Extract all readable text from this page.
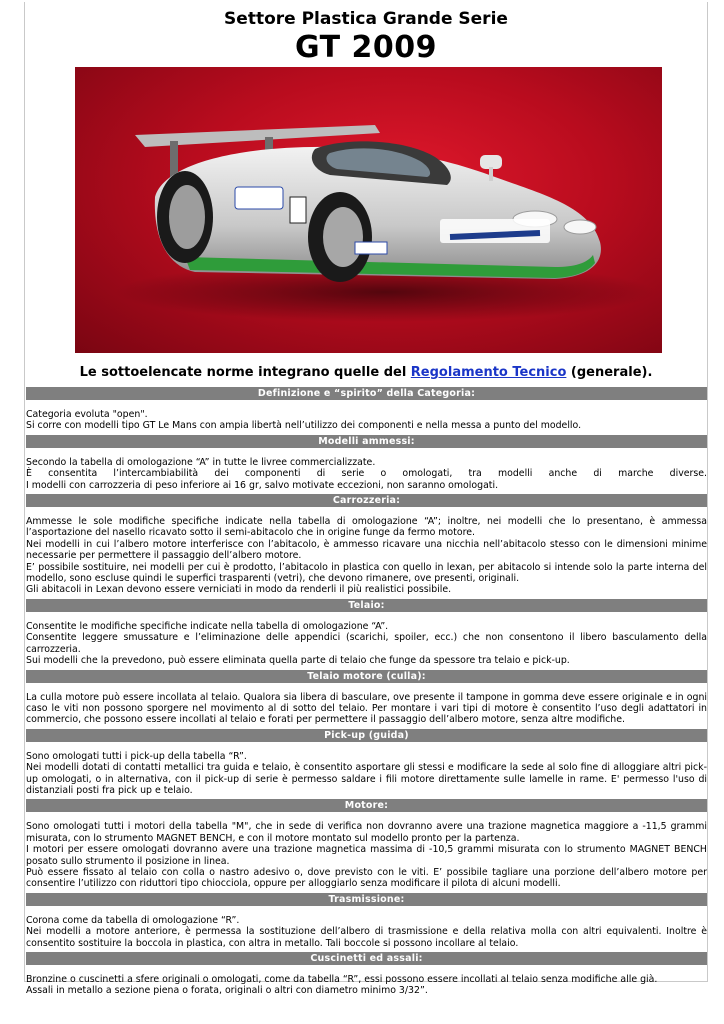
Settore Plastica Grande Serie
GT 2009
Le sottoelencate norme integrano quelle del Regolamento Tecnico (generale).
Definizione e “spirito” della Categoria:

Categoria evoluta "open".

Si corre con modelli tipo GT Le Mans con ampia libertà nell’utilizzo dei componenti e nella messa a punto del modello.

Modelli ammessi:

Secondo la tabella di omologazione “A” in tutte le livree commercializzate.

È consentita l’intercambiabilità dei componenti di serie o omologati, tra modelli anche di marche diverse.

I modelli con carrozzeria di peso inferiore ai 16 gr, salvo motivate eccezioni, non saranno omologati.

Carrozzeria:

Ammesse le sole modifiche specifiche indicate nella tabella di omologazione “A”; inoltre, nei modelli che lo presentano, è ammessa l’asportazione del nasello ricavato sotto il semi-abitacolo che in origine funge da fermo motore.

Nei modelli in cui l’albero motore interferisce con l’abitacolo, è ammesso ricavare una nicchia nell’abitacolo stesso con le dimensioni minime necessarie per permettere il passaggio dell’albero motore.

E’ possibile sostituire, nei modelli per cui è prodotto, l’abitacolo in plastica con quello in lexan, per abitacolo si intende solo la parte interna del modello, sono escluse quindi le superfici trasparenti (vetri), che devono rimanere, ove presenti, originali.

Gli abitacoli in Lexan devono essere verniciati in modo da renderli il più realistici possibile.

Telaio:

Consentite le modifiche specifiche indicate nella tabella di omologazione “A”.

Consentite leggere smussature e l’eliminazione delle appendici (scarichi, spoiler, ecc.) che non consentono il libero basculamento della carrozzeria.

Sui modelli che la prevedono, può essere eliminata quella parte di telaio che funge da spessore tra telaio e pick-up.

Telaio motore (culla):

La culla motore può essere incollata al telaio. Qualora sia libera di basculare, ove presente il tampone in gomma deve essere originale e in ogni caso le viti non possono sporgere nel movimento al di sotto del telaio. Per montare i vari tipi di motore è consentito l’uso degli adattatori in commercio, che possono essere incollati al telaio e forati per permettere il passaggio dell’albero motore, senza altre modifiche.

Pick-up (guida)

Sono omologati tutti i pick-up della tabella “R”.

Nei modelli dotati di contatti metallici tra guida e telaio, è consentito asportare gli stessi e modificare la sede al solo fine di alloggiare altri pick-up omologati, o in alternativa, con il pick-up di serie è permesso saldare i fili motore direttamente sulle lamelle in rame. E' permesso l'uso di distanziali posti fra pick up e telaio.

Motore:

Sono omologati tutti i motori della tabella "M", che in sede di verifica non dovranno avere una trazione magnetica maggiore a -11,5 grammi misurata, con lo strumento MAGNET BENCH, e con il motore montato sul modello pronto per la partenza.

I motori per essere omologati dovranno avere una trazione magnetica massima di -10,5 grammi misurata con lo strumento MAGNET BENCH posato sullo strumento il posizione in linea.

Può essere fissato al telaio con colla o nastro adesivo o, dove previsto con le viti. E’ possibile tagliare una porzione dell’albero motore per consentire l’utilizzo con riduttori tipo chiocciola, oppure per alloggiarlo senza modificare il pilota di alcuni modelli.

Trasmissione:

Corona come da tabella di omologazione “R”.

Nei modelli a motore anteriore, è permessa la sostituzione dell’albero di trasmissione e della relativa molla con altri equivalenti. Inoltre è consentito sostituire la boccola in plastica, con altra in metallo. Tali boccole si possono incollare al telaio.

Cuscinetti ed assali:

Bronzine o cuscinetti a sfere originali o omologati, come da tabella “R”, essi possono essere incollati al telaio senza modifiche alle già.

Assali in metallo a sezione piena o forata, originali o altri con diametro minimo 3/32”.
